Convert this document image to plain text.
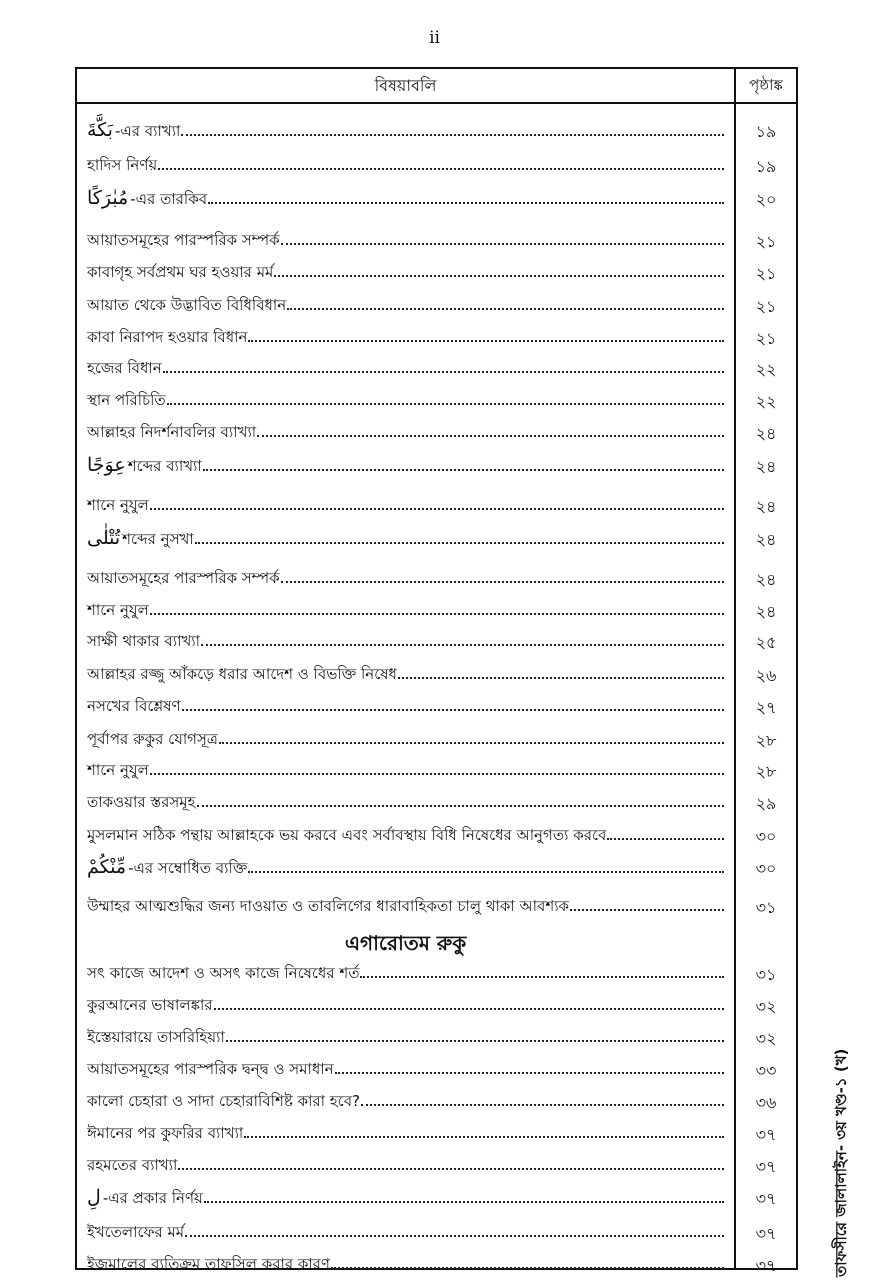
ii
বিষয়াবলি	পৃষ্ঠাঙ্ক
بَكَّةَ -এর ব্যাখ্যা	১৯
হাদিস নির্ণয়	১৯
مُبٰرَكًا -এর তারকিব	২০
আয়াতসমূহের পারস্পরিক সম্পর্ক	২১
কাবাগৃহ সর্বপ্রথম ঘর হওয়ার মর্ম	২১
আয়াত থেকে উদ্ভাবিত বিধিবিধান	২১
কাবা নিরাপদ হওয়ার বিধান	২১
হজের বিধান	২২
স্থান পরিচিতি	২২
আল্লাহর নিদর্শনাবলির ব্যাখ্যা	২৪
عِوَجًا শব্দের ব্যাখ্যা	২৪
শানে নুযুল	২৪
تُتْلٰى শব্দের নুসখা	২৪
আয়াতসমূহের পারস্পরিক সম্পর্ক	২৪
শানে নুযুল	২৪
সাক্ষী থাকার ব্যাখ্যা	২৫
আল্লাহর রজ্জু আঁকড়ে ধরার আদেশ ও বিভক্তি নিষেধ	২৬
নসখের বিশ্লেষণ	২৭
পূর্বাপর রুকুর যোগসূত্র	২৮
শানে নুযুল	২৮
তাকওয়ার স্তরসমূহ	২৯
মুসলমান সঠিক পন্থায় আল্লাহকে ভয় করবে এবং সর্বাবস্থায় বিধি নিষেধের আনুগত্য করবে	৩০
مِّنْكُمْ -এর সম্বোধিত ব্যক্তি	৩০
উম্মাহর আত্মশুদ্ধির জন্য দাওয়াত ও তাবলিগের ধারাবাহিকতা চালু থাকা আবশ্যক	৩১
এগারোতম রুকু
সৎ কাজে আদেশ ও অসৎ কাজে নিষেধের শর্ত	৩১
কুরআনের ভাষালঙ্কার	৩২
ইস্তেয়ারায়ে তাসরিহিয়্যা	৩২
আয়াতসমূহের পারস্পরিক দ্বন্দ্ব ও সমাধান	৩৩
কালো চেহারা ও সাদা চেহারাবিশিষ্ট কারা হবে?	৩৬
ঈমানের পর কুফরির ব্যাখ্যা	৩৭
রহমতের ব্যাখ্যা	৩৭
لِ -এর প্রকার নির্ণয়	৩৭
ইখতেলাফের মর্ম	৩৭
ইজমালের ব্যতিক্রম তাফসিল করার কারণ	৩৭	তাফসীরে জালালাইন- ৩য় খণ্ড-১ (খ)
